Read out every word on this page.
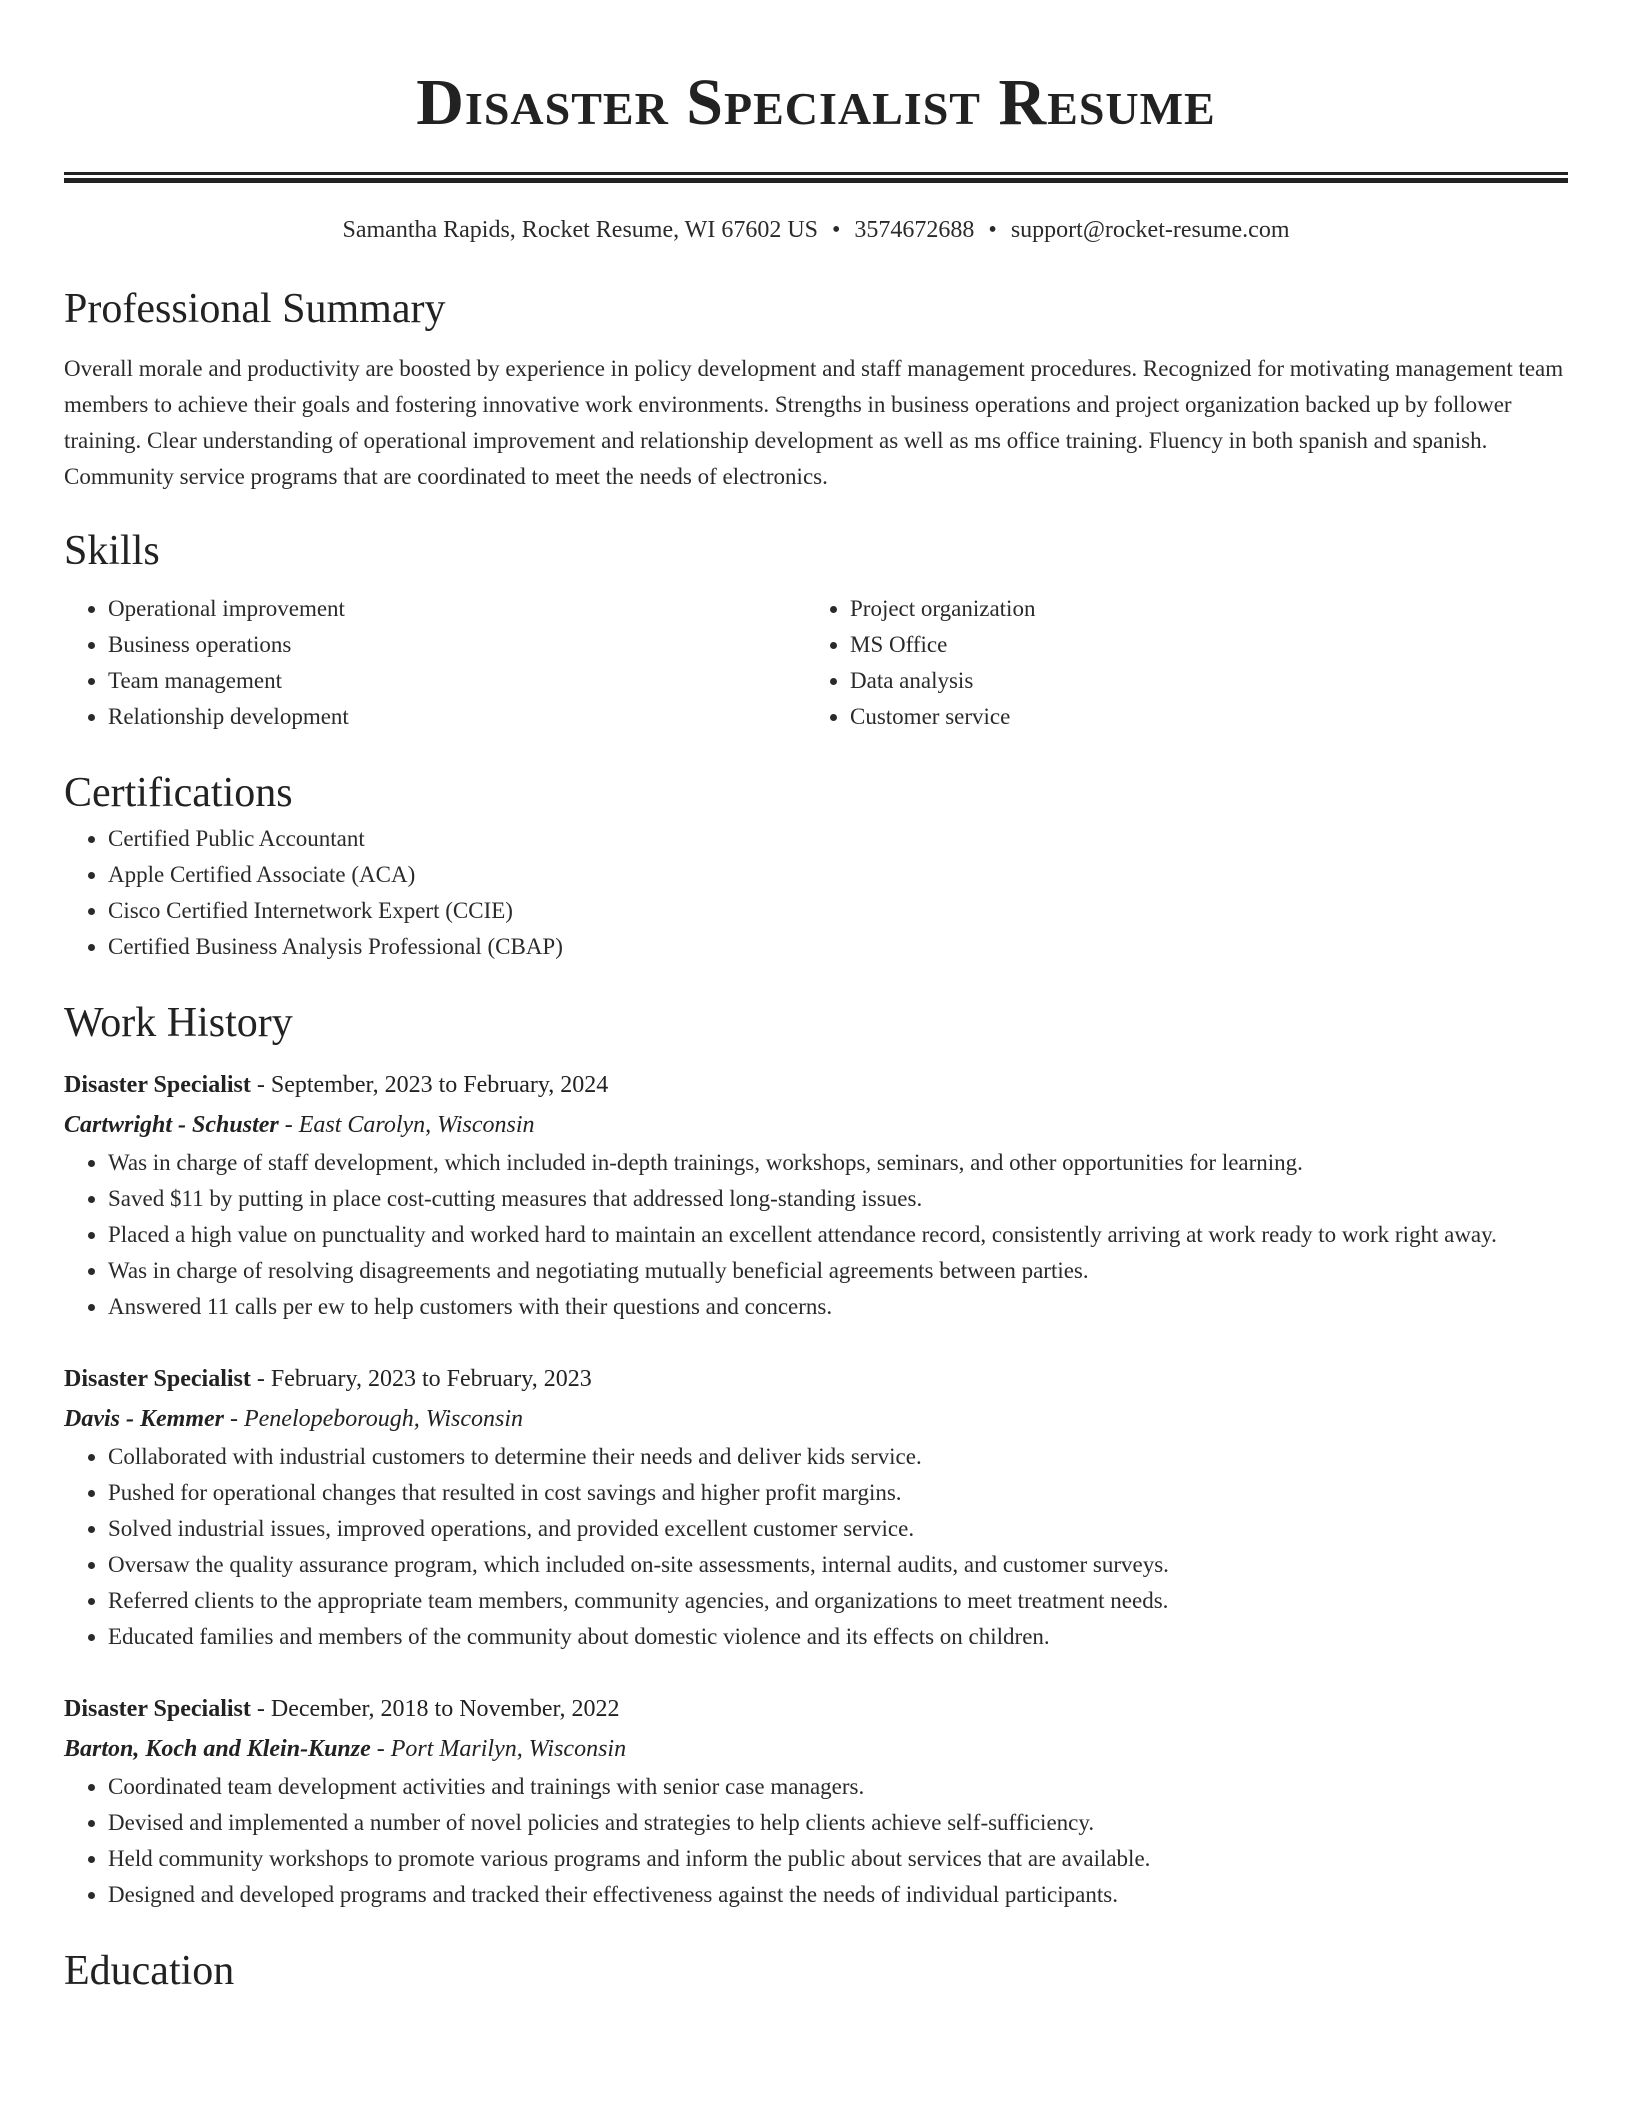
Disaster Specialist Resume
Samantha Rapids, Rocket Resume, WI 67602 US • 3574672688 • support@rocket-resume.com
Professional Summary

Overall morale and productivity are boosted by experience in policy development and staff management procedures. Recognized for motivating management team members to achieve their goals and fostering innovative work environments. Strengths in business operations and project organization backed up by follower training. Clear understanding of operational improvement and relationship development as well as ms office training. Fluency in both spanish and spanish. Community service programs that are coordinated to meet the needs of electronics.

Skills
• Operational improvement
• Business operations
• Team management
• Relationship development
• Project organization
• MS Office
• Data analysis
• Customer service
Certifications
• Certified Public Accountant
• Apple Certified Associate (ACA)
• Cisco Certified Internetwork Expert (CCIE)
• Certified Business Analysis Professional (CBAP)
Work History
Disaster Specialist - September, 2023 to February, 2024
Cartwright - Schuster - East Carolyn, Wisconsin
• Was in charge of staff development, which included in-depth trainings, workshops, seminars, and other opportunities for learning.
• Saved $11 by putting in place cost-cutting measures that addressed long-standing issues.
• Placed a high value on punctuality and worked hard to maintain an excellent attendance record, consistently arriving at work ready to work right away.
• Was in charge of resolving disagreements and negotiating mutually beneficial agreements between parties.
• Answered 11 calls per ew to help customers with their questions and concerns.
Disaster Specialist - February, 2023 to February, 2023
Davis - Kemmer - Penelopeborough, Wisconsin
• Collaborated with industrial customers to determine their needs and deliver kids service.
• Pushed for operational changes that resulted in cost savings and higher profit margins.
• Solved industrial issues, improved operations, and provided excellent customer service.
• Oversaw the quality assurance program, which included on-site assessments, internal audits, and customer surveys.
• Referred clients to the appropriate team members, community agencies, and organizations to meet treatment needs.
• Educated families and members of the community about domestic violence and its effects on children.
Disaster Specialist - December, 2018 to November, 2022
Barton, Koch and Klein-Kunze - Port Marilyn, Wisconsin
• Coordinated team development activities and trainings with senior case managers.
• Devised and implemented a number of novel policies and strategies to help clients achieve self-sufficiency.
• Held community workshops to promote various programs and inform the public about services that are available.
• Designed and developed programs and tracked their effectiveness against the needs of individual participants.
Education
